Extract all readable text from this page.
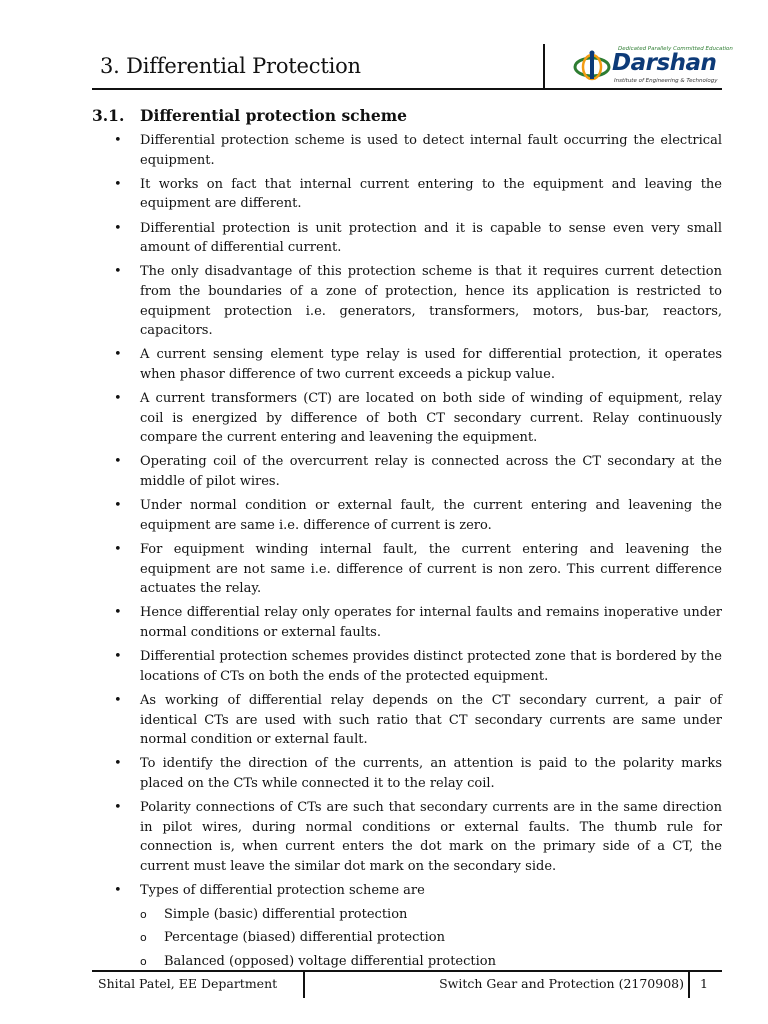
3. Differential Protection
Dedicated Parallely Committed Education
Darshan
Institute of Engineering & Technology
3.1.	Differential protection scheme
• Differential protection scheme is used to detect internal fault occurring the electrical equipment.
• It works on fact that internal current entering to the equipment and leaving the equipment are different.
• Differential protection is unit protection and it is capable to sense even very small amount of differential current.
• The only disadvantage of this protection scheme is that it requires current detection from the boundaries of a zone of protection, hence its application is restricted to equipment protection i.e. generators, transformers, motors, bus-bar, reactors, capacitors.
• A current sensing element type relay is used for differential protection, it operates when phasor difference of two current exceeds a pickup value.
• A current transformers (CT) are located on both side of winding of equipment, relay coil is energized by difference of both CT secondary current. Relay continuously compare the current entering and leavening the equipment.
• Operating coil of the overcurrent relay is connected across the CT secondary at the middle of pilot wires.
• Under normal condition or external fault, the current entering and leavening the equipment are same i.e. difference of current is zero.
• For equipment winding internal fault, the current entering and leavening the equipment are not same i.e. difference of current is non zero. This current difference actuates the relay.
• Hence differential relay only operates for internal faults and remains inoperative under normal conditions or external faults.
• Differential protection schemes provides distinct protected zone that is bordered by the locations of CTs on both the ends of the protected equipment.
• As working of differential relay depends on the CT secondary current, a pair of identical CTs are used with such ratio that CT secondary currents are same under normal condition or external fault.
• To identify the direction of the currents, an attention is paid to the polarity marks placed on the CTs while connected it to the relay coil.
• Polarity connections of CTs are such that secondary currents are in the same direction in pilot wires, during normal conditions or external faults. The thumb rule for connection is, when current enters the dot mark on the primary side of a CT, the current must leave the similar dot mark on the secondary side.
• Types of differential protection scheme are
o Simple (basic) differential protection
o Percentage (biased) differential protection
o Balanced (opposed) voltage differential protection
Shital Patel, EE Department	Switch Gear and Protection (2170908) 1
